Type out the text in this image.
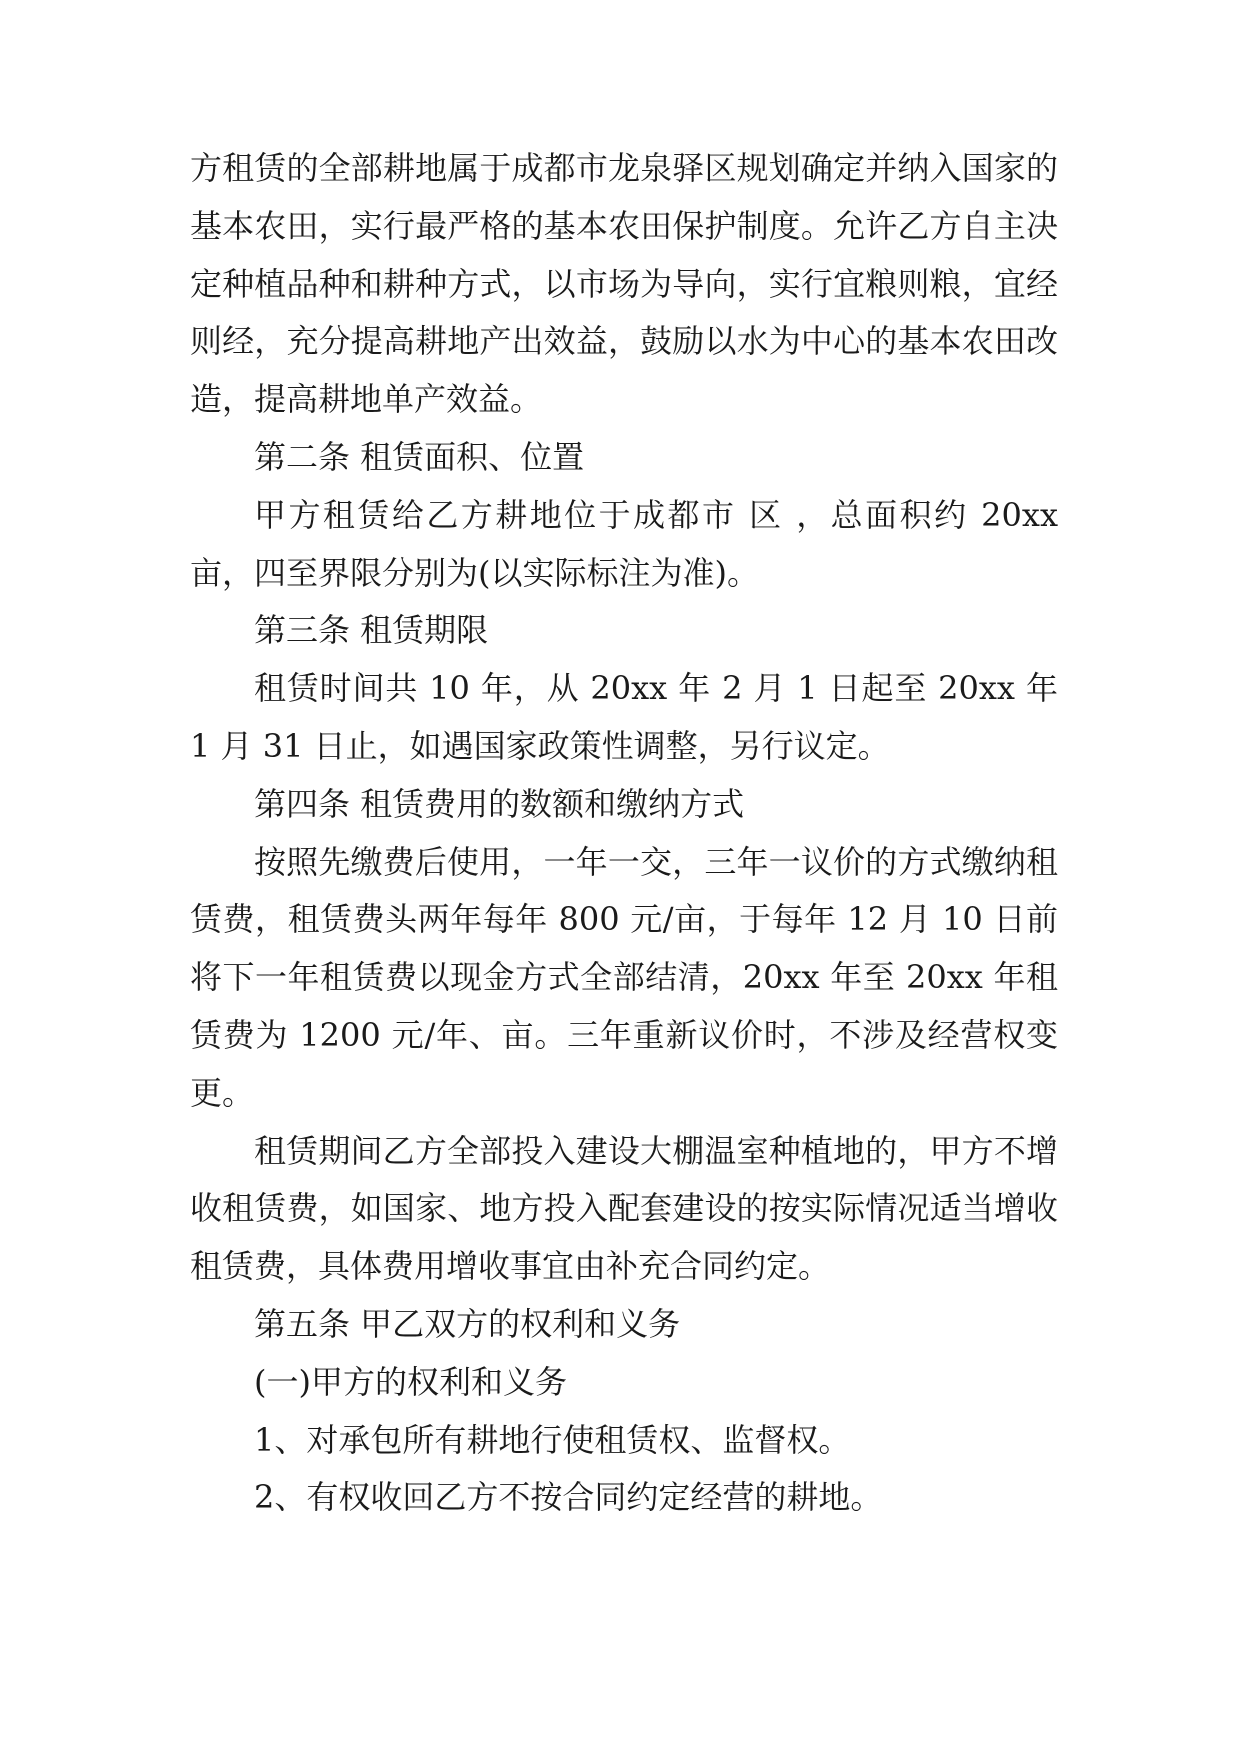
方租赁的全部耕地属于成都市龙泉驿区规划确定并纳入国家的基本农田，实行最严格的基本农田保护制度。允许乙方自主决定种植品种和耕种方式，以市场为导向，实行宜粮则粮，宜经则经，充分提高耕地产出效益，鼓励以水为中心的基本农田改造，提高耕地单产效益。

第二条 租赁面积、位置

甲方租赁给乙方耕地位于成都市 区 ，总面积约 20xx 亩，四至界限分别为(以实际标注为准)。

第三条 租赁期限

租赁时间共 10 年，从 20xx 年 2 月 1 日起至 20xx 年 1 月 31 日止，如遇国家政策性调整，另行议定。

第四条 租赁费用的数额和缴纳方式

按照先缴费后使用，一年一交，三年一议价的方式缴纳租赁费，租赁费头两年每年 800 元/亩，于每年 12 月 10 日前将下一年租赁费以现金方式全部结清，20xx 年至 20xx 年租赁费为 1200 元/年、亩。三年重新议价时，不涉及经营权变更。

租赁期间乙方全部投入建设大棚温室种植地的，甲方不增收租赁费，如国家、地方投入配套建设的按实际情况适当增收租赁费，具体费用增收事宜由补充合同约定。

第五条 甲乙双方的权利和义务

(一)甲方的权利和义务

1、对承包所有耕地行使租赁权、监督权。

2、有权收回乙方不按合同约定经营的耕地。
